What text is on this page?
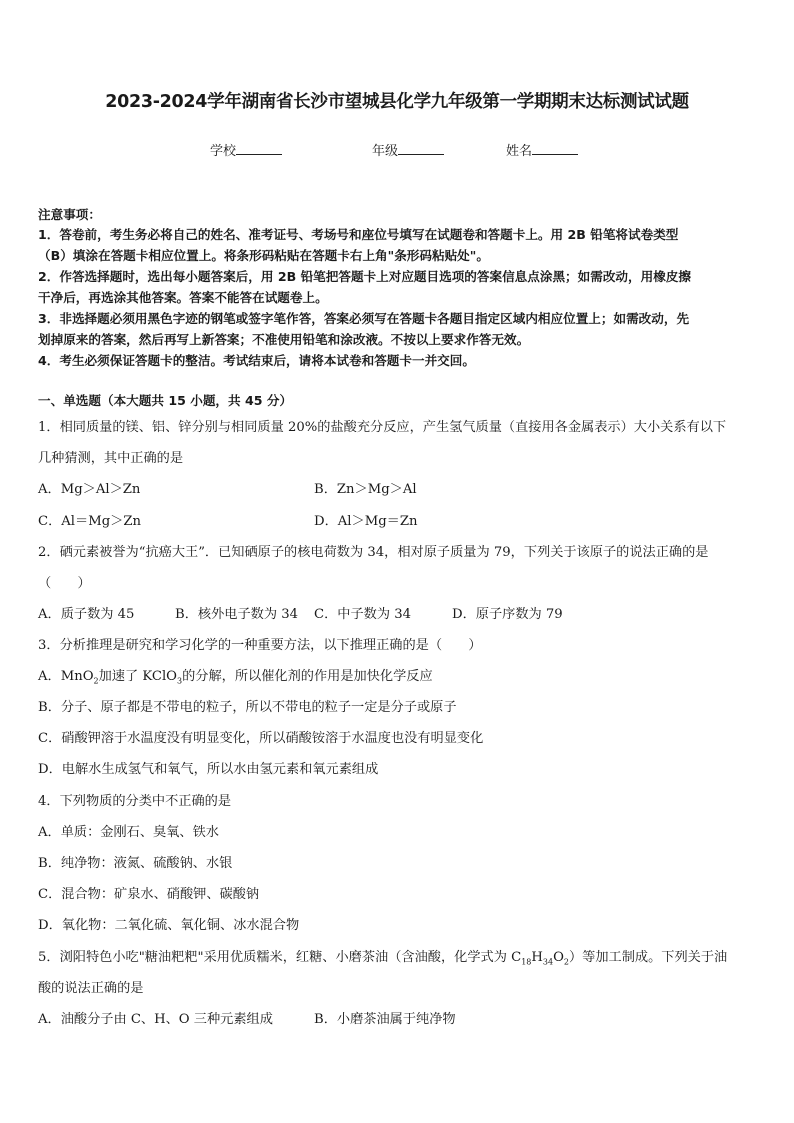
2023-2024学年湖南省长沙市望城县化学九年级第一学期期末达标测试试题
学校	年级	姓名
注意事项：
1．答卷前，考生务必将自己的姓名、准考证号、考场号和座位号填写在试题卷和答题卡上。用 2B 铅笔将试卷类型
（B）填涂在答题卡相应位置上。将条形码粘贴在答题卡右上角"条形码粘贴处"。
2．作答选择题时，选出每小题答案后，用 2B 铅笔把答题卡上对应题目选项的答案信息点涂黑；如需改动，用橡皮擦
干净后，再选涂其他答案。答案不能答在试题卷上。
3．非选择题必须用黑色字迹的钢笔或签字笔作答，答案必须写在答题卡各题目指定区域内相应位置上；如需改动，先
划掉原来的答案，然后再写上新答案；不准使用铅笔和涂改液。不按以上要求作答无效。
4．考生必须保证答题卡的整洁。考试结束后，请将本试卷和答题卡一并交回。
一、单选题（本大题共 15 小题，共 45 分）
1．相同质量的镁、铝、锌分别与相同质量 20%的盐酸充分反应，产生氢气质量（直接用各金属表示）大小关系有以下
几种猜测，其中正确的是
A．Mg＞Al＞Zn	B．Zn＞Mg＞Al
C．Al＝Mg＞Zn	D．Al＞Mg＝Zn
2．硒元素被誉为“抗癌大王”．已知硒原子的核电荷数为 34，相对原子质量为 79，下列关于该原子的说法正确的是
（　　）
A．质子数为 45	B．核外电子数为 34 C．中子数为 34	D．原子序数为 79
3．分析推理是研究和学习化学的一种重要方法，以下推理正确的是（　　）
A．MnO$_2$加速了 KClO$_3$的分解，所以催化剂的作用是加快化学反应
B．分子、原子都是不带电的粒子，所以不带电的粒子一定是分子或原子
C．硝酸钾溶于水温度没有明显变化，所以硝酸铵溶于水温度也没有明显变化
D．电解水生成氢气和氧气，所以水由氢元素和氧元素组成
4．下列物质的分类中不正确的是
A．单质：金刚石、臭氧、铁水
B．纯净物：液氮、硫酸钠、水银
C．混合物：矿泉水、硝酸钾、碳酸钠
D．氧化物：二氧化硫、氧化铜、冰水混合物
5．浏阳特色小吃"糖油粑粑"采用优质糯米，红糖、小磨茶油（含油酸，化学式为 $C_{18}H_{34}O_2$）等加工制成。下列关于油
酸的说法正确的是
A．油酸分子由 C、H、O 三种元素组成	B．小磨茶油属于纯净物
